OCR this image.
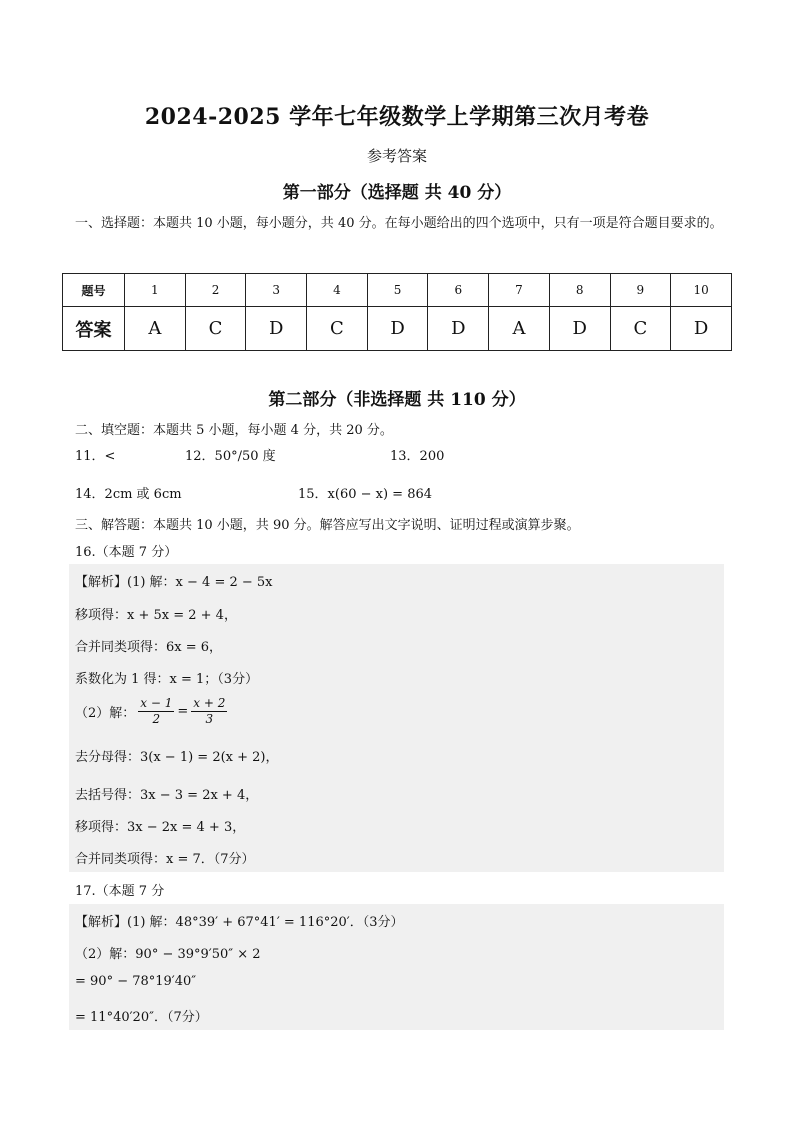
2024-2025 学年七年级数学上学期第三次月考卷
参考答案
第一部分（选择题 共 40 分）
一、选择题：本题共 10 小题，每小题分，共 40 分。在每小题给出的四个选项中，只有一项是符合题目要求的。
题号	1	2	3	4	5	6	7	8	9	10
答案	A	C	D	C	D	D	A	D	C	D
第二部分（非选择题 共 110 分）
二、填空题：本题共 5 小题，每小题 4 分，共 20 分。
11．<	12．50°/50 度	13．200
14．2cm 或 6cm	15．x(60 − x) = 864
三、解答题：本题共 10 小题，共 90 分。解答应写出文字说明、证明过程或演算步聚。
16.（本题 7 分）
【解析】(1) 解：x − 4 = 2 − 5x
移项得：x + 5x = 2 + 4，
合并同类项得：6x = 6，
系数化为 1 得：x = 1；（3分）
（2）解： $\frac{x - 1}{2} = \frac{x + 2}{3}$
去分母得：3(x − 1) = 2(x + 2)，
去括号得：3x − 3 = 2x + 4，
移项得：3x − 2x = 4 + 3，
合并同类项得：x = 7．（7分）
17.（本题 7 分
【解析】(1) 解：48°39′ + 67°41′ = 116°20′．（3分）
（2）解：90° − 39°9′50″ × 2
= 90° − 78°19′40″
= 11°40′20″．（7分）
